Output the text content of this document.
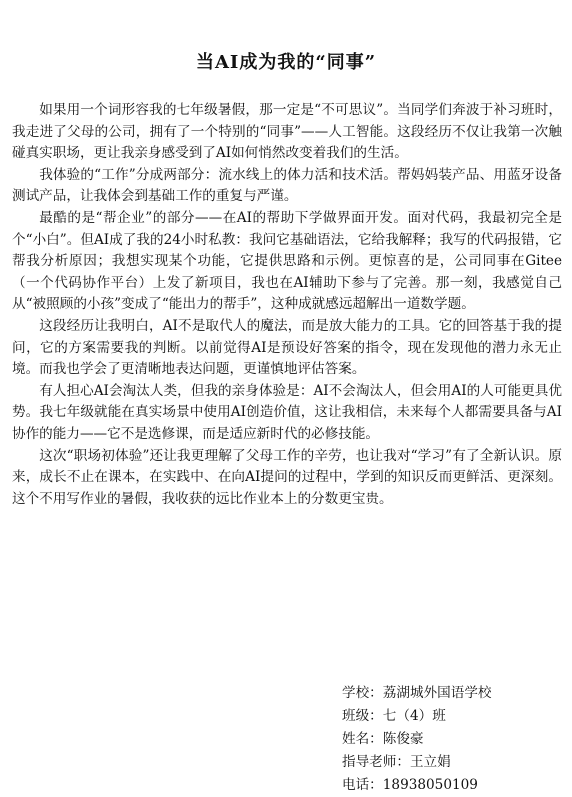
当AI成为我的“同事”

如果用一个词形容我的七年级暑假，那一定是“不可思议”。当同学们奔波于补习班时，我走进了父母的公司，拥有了一个特别的“同事”——人工智能。这段经历不仅让我第一次触碰真实职场，更让我亲身感受到了AI如何悄然改变着我们的生活。

我体验的“工作”分成两部分：流水线上的体力活和技术活。帮妈妈装产品、用蓝牙设备测试产品，让我体会到基础工作的重复与严谨。

最酷的是“帮企业”的部分——在AI的帮助下学做界面开发。面对代码，我最初完全是个“小白”。但AI成了我的24小时私教：我问它基础语法，它给我解释；我写的代码报错，它帮我分析原因；我想实现某个功能，它提供思路和示例。更惊喜的是，公司同事在Gitee（一个代码协作平台）上发了新项目，我也在AI辅助下参与了完善。那一刻，我感觉自己从“被照顾的小孩”变成了“能出力的帮手”，这种成就感远超解出一道数学题。

这段经历让我明白，AI不是取代人的魔法，而是放大能力的工具。它的回答基于我的提问，它的方案需要我的判断。以前觉得AI是预设好答案的指令，现在发现他的潜力永无止境。而我也学会了更清晰地表达问题，更谨慎地评估答案。

有人担心AI会淘汰人类，但我的亲身体验是：AI不会淘汰人，但会用AI的人可能更具优势。我七年级就能在真实场景中使用AI创造价值，这让我相信，未来每个人都需要具备与AI协作的能力——它不是选修课，而是适应新时代的必修技能。

这次“职场初体验”还让我更理解了父母工作的辛劳，也让我对“学习”有了全新认识。原来，成长不止在课本，在实践中、在向AI提问的过程中，学到的知识反而更鲜活、更深刻。这个不用写作业的暑假，我收获的远比作业本上的分数更宝贵。

学校：荔湖城外国语学校
班级：七（4）班
姓名：陈俊豪
指导老师：王立娟
电话：18938050109
